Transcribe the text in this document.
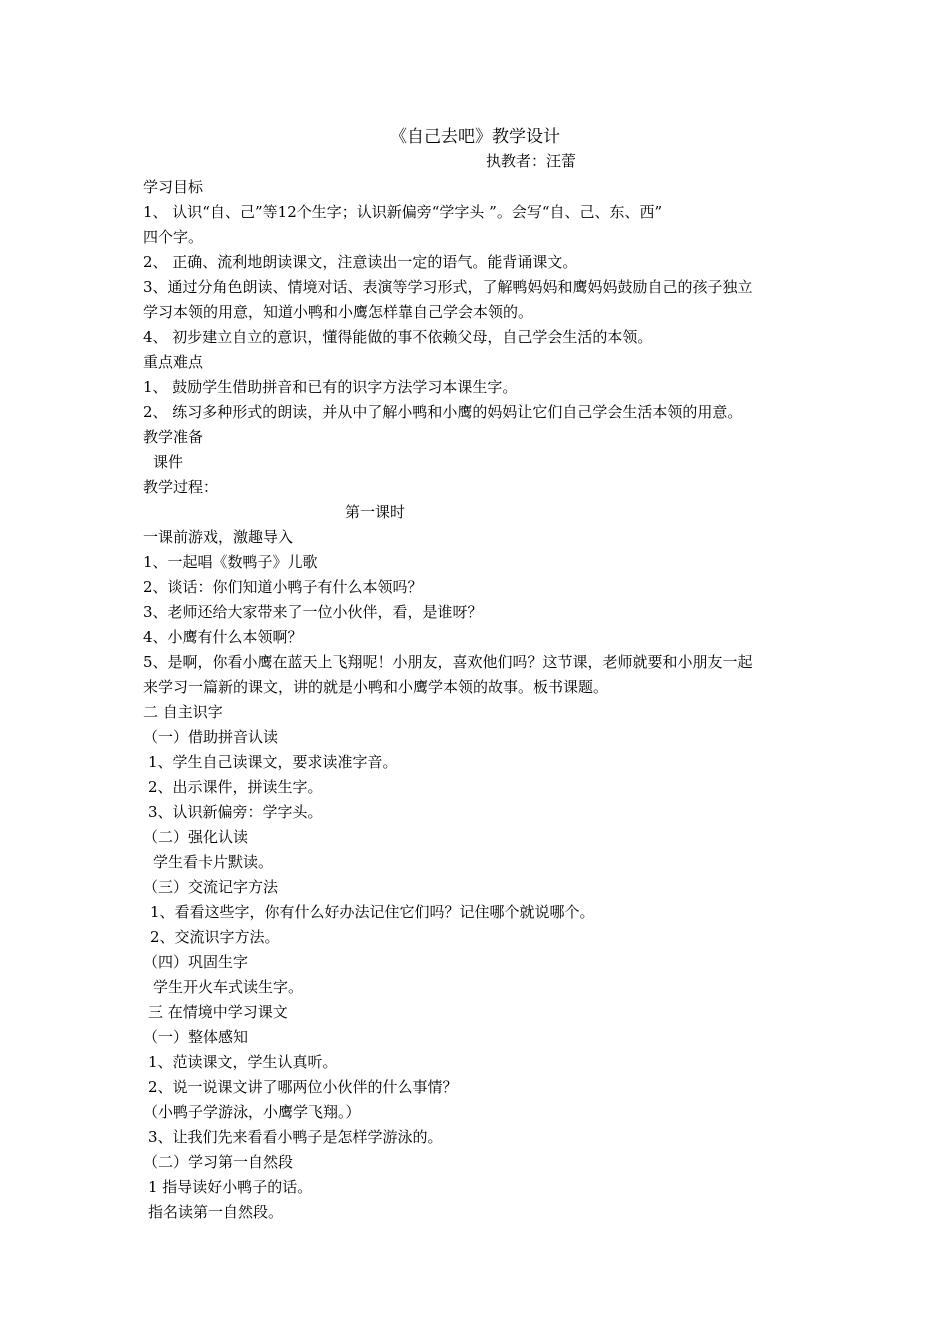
《自己去吧》教学设计
执教者：汪蕾
学习目标
1、 认识“自、己”等12个生字；认识新偏旁“学字头 ”。会写“自、己、东、西”
四个字。
2、 正确、流利地朗读课文，注意读出一定的语气。能背诵课文。
3、通过分角色朗读、情境对话、表演等学习形式，了解鸭妈妈和鹰妈妈鼓励自己的孩子独立
学习本领的用意，知道小鸭和小鹰怎样靠自己学会本领的。
4、 初步建立自立的意识，懂得能做的事不依赖父母，自己学会生活的本领。
重点难点
1、 鼓励学生借助拼音和已有的识字方法学习本课生字。
2、 练习多种形式的朗读，并从中了解小鸭和小鹰的妈妈让它们自己学会生活本领的用意。
教学准备
课件
教学过程：
第一课时
一课前游戏，激趣导入
1、一起唱《数鸭子》儿歌
2、谈话：你们知道小鸭子有什么本领吗？
3、老师还给大家带来了一位小伙伴，看，是谁呀？
4、小鹰有什么本领啊？
5、是啊，你看小鹰在蓝天上飞翔呢！小朋友，喜欢他们吗？这节课，老师就要和小朋友一起
来学习一篇新的课文，讲的就是小鸭和小鹰学本领的故事。板书课题。
二 自主识字
（一）借助拼音认读
1、学生自己读课文，要求读准字音。
2、出示课件，拼读生字。
3、认识新偏旁：学字头。
（二）强化认读
学生看卡片默读。
（三）交流记字方法
1、看看这些字，你有什么好办法记住它们吗？记住哪个就说哪个。
2、交流识字方法。
（四）巩固生字
学生开火车式读生字。
三 在情境中学习课文
（一）整体感知
1、范读课文，学生认真听。
2、说一说课文讲了哪两位小伙伴的什么事情？
（小鸭子学游泳，小鹰学飞翔。）
3、让我们先来看看小鸭子是怎样学游泳的。
（二）学习第一自然段
1 指导读好小鸭子的话。
指名读第一自然段。
